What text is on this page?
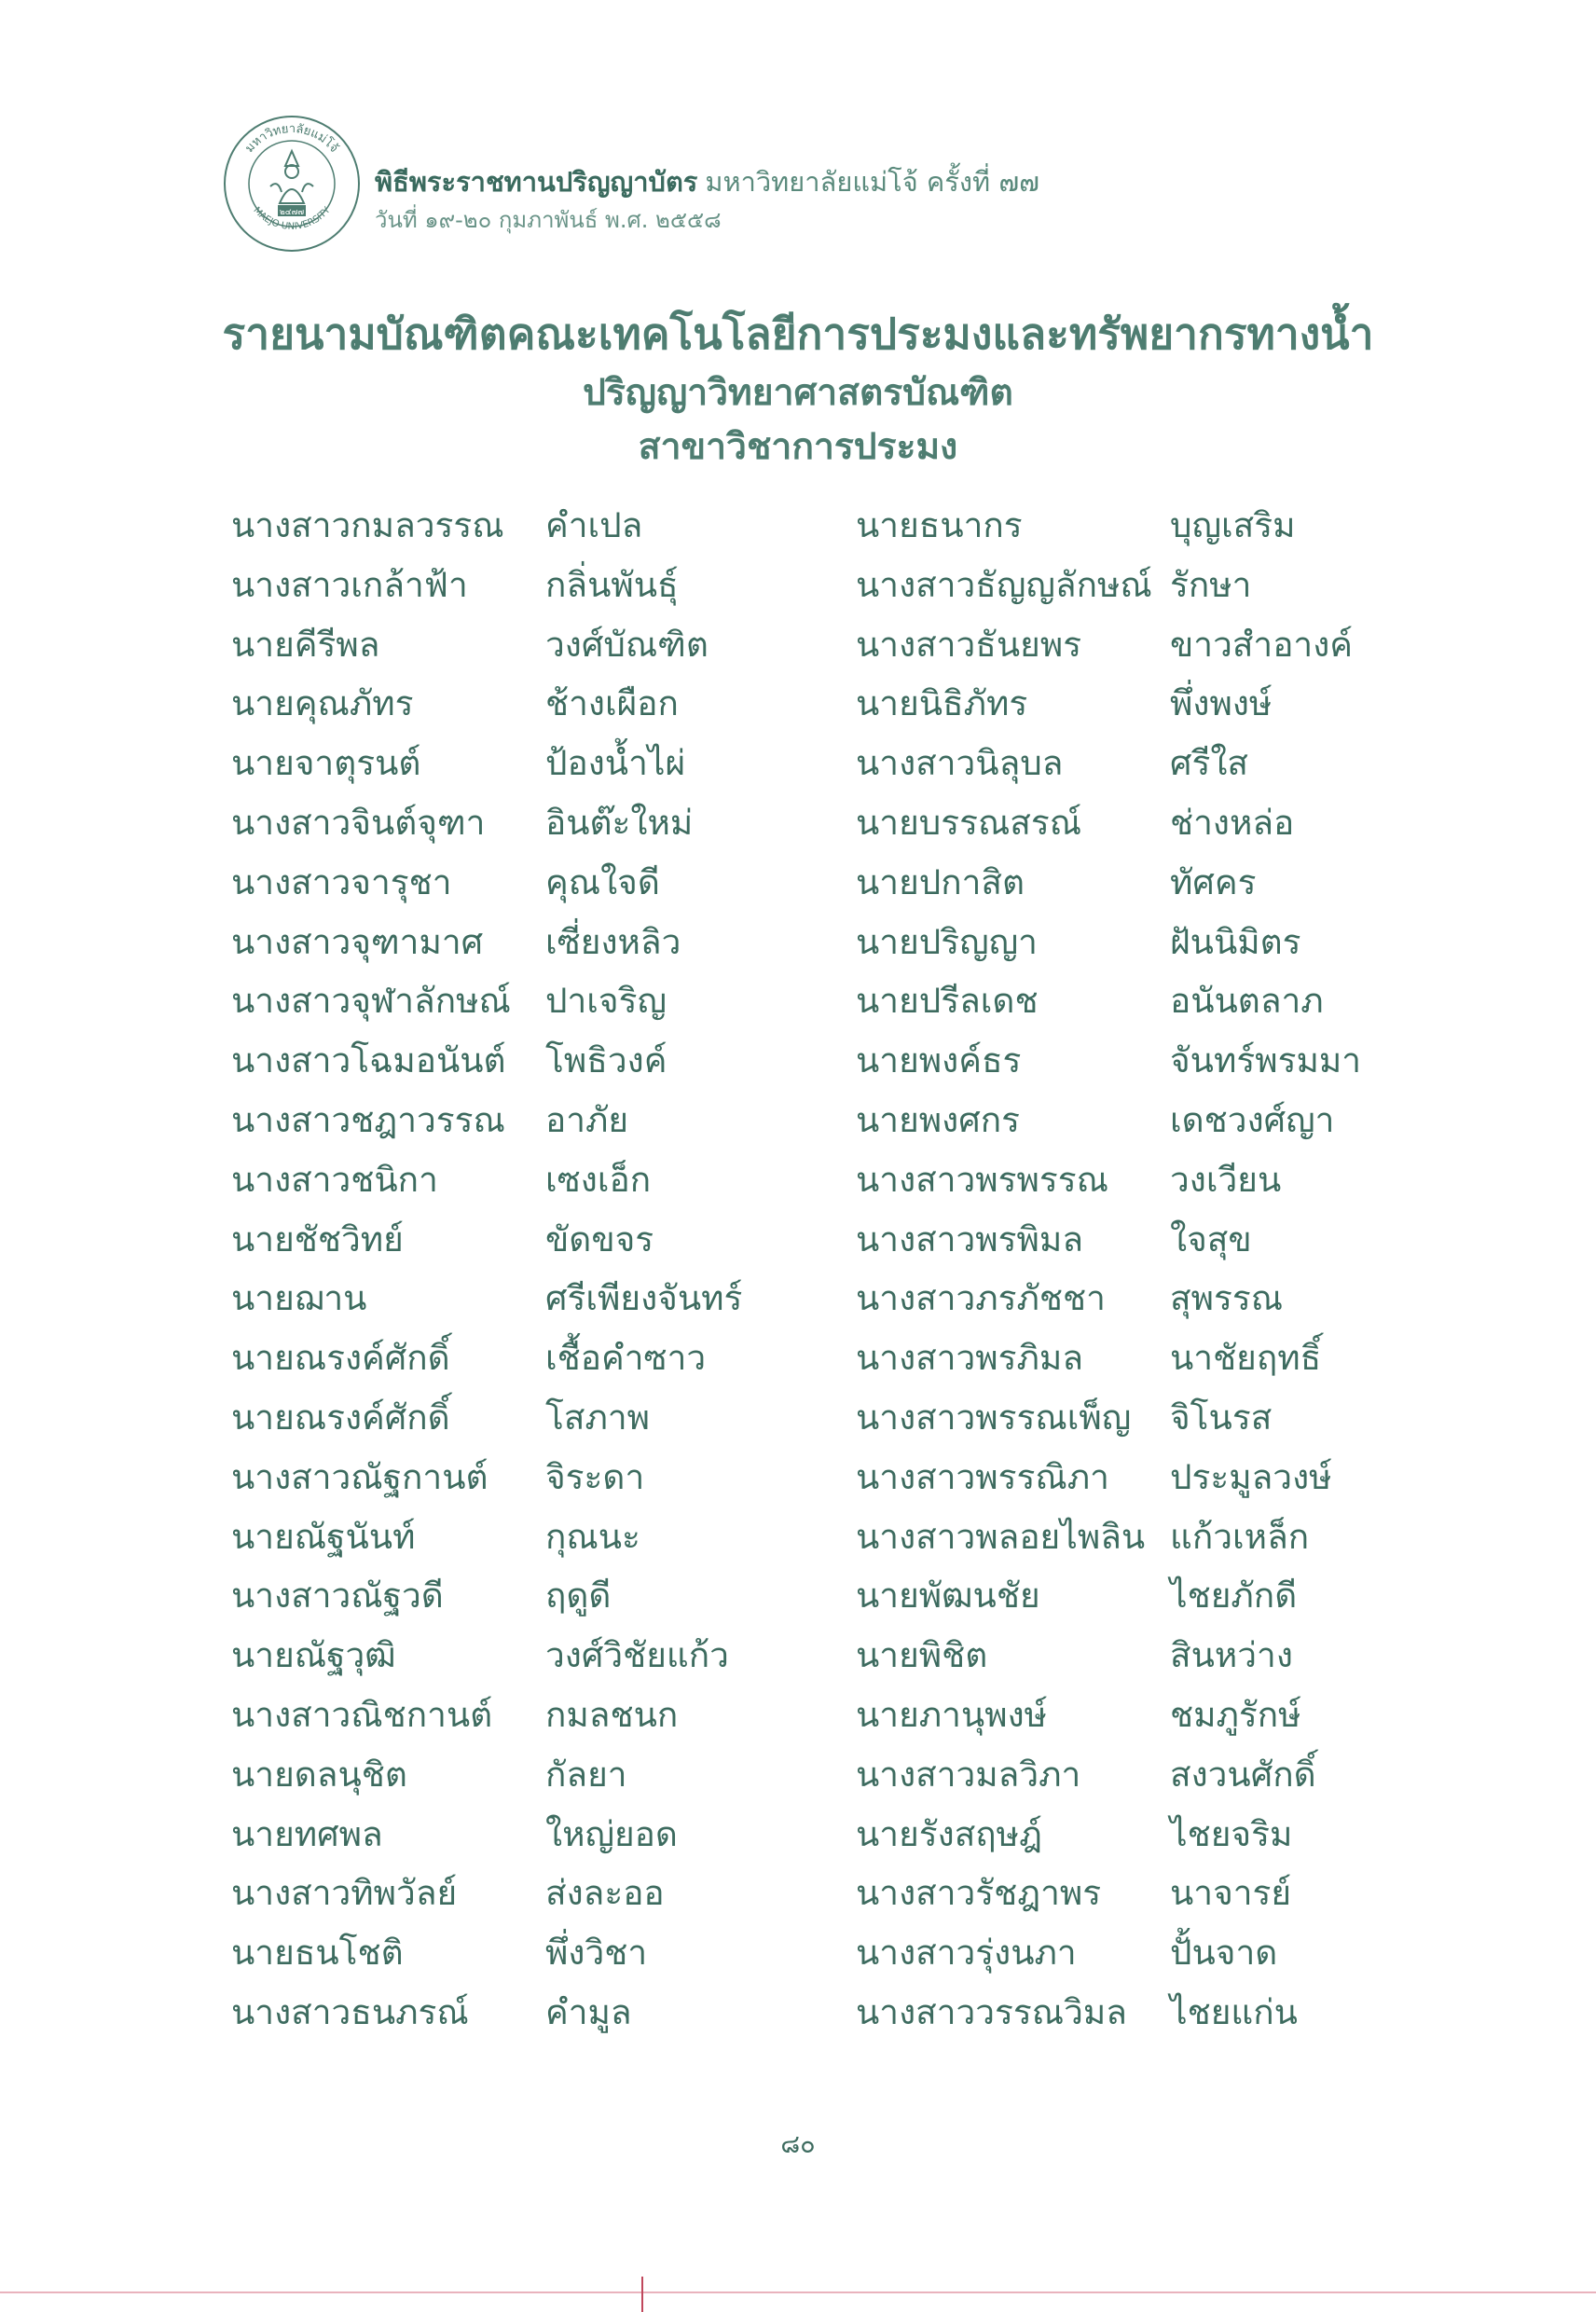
มหาวิทยาลัยแม่โจ้
MAEJO UNIVERSITY
๒๔๗๗
พิธีพระราชทานปริญญาบัตร มหาวิทยาลัยแม่โจ้ ครั้งที่ ๗๗
วันที่ ๑๙-๒๐ กุมภาพันธ์ พ.ศ. ๒๕๕๘
รายนามบัณฑิตคณะเทคโนโลยีการประมงและทรัพยากรทางน้ำ
ปริญญาวิทยาศาสตรบัณฑิต
สาขาวิชาการประมง
นางสาวกมลวรรณ คำเปล	นายธนากร	บุญเสริม
นางสาวเกล้าฟ้า กลิ่นพันธุ์	นางสาวธัญญลักษณ์ รักษา
นายคีรีพล	วงศ์บัณฑิต	นางสาวธันยพร	ขาวสำอางค์
นายคุณภัทร	ช้างเผือก	นายนิธิภัทร	พึ่งพงษ์
นายจาตุรนต์	ป้องน้ำไผ่	นางสาวนิลุบล	ศรีใส
นางสาวจินต์จุฑา อินต๊ะใหม่	นายบรรณสรณ์	ช่างหล่อ
นางสาวจารุชา	คุณใจดี	นายปกาสิต	ทัศคร
นางสาวจุฑามาศ เซี่ยงหลิว	นายปริญญา	ฝันนิมิตร
นางสาวจุฬาลักษณ์ ปาเจริญ	นายปรีลเดช	อนันตลาภ
นางสาวโฉมอนันต์ โพธิวงค์	นายพงค์ธร	จันทร์พรมมา
นางสาวชฎาวรรณ อาภัย	นายพงศกร	เดชวงศ์ญา
นางสาวชนิกา	เซงเอ็ก	นางสาวพรพรรณ วงเวียน
นายชัชวิทย์	ขัดขจร	นางสาวพรพิมล	ใจสุข
นายฌาน	ศรีเพียงจันทร์	นางสาวภรภัชชา สุพรรณ
นายณรงค์ศักดิ์	เชื้อคำซาว	นางสาวพรภิมล	นาชัยฤทธิ์
นายณรงค์ศักดิ์	โสภาพ	นางสาวพรรณเพ็ญ จิโนรส
นางสาวณัฐกานต์ จิระดา	นางสาวพรรณิภา ประมูลวงษ์
นายณัฐนันท์	กุณนะ	นางสาวพลอยไพลิน แก้วเหล็ก
นางสาวณัฐวดี	ฤดูดี	นายพัฒนชัย	ไชยภักดี
นายณัฐวุฒิ	วงศ์วิชัยแก้ว	นายพิชิต	สินหว่าง
นางสาวณิชกานต์ กมลชนก	นายภานุพงษ์	ชมภูรักษ์
นายดลนุชิต	กัลยา	นางสาวมลวิภา	สงวนศักดิ์
นายทศพล	ใหญ่ยอด	นายรังสฤษฎ์	ไชยจริม
นางสาวทิพวัลย์	ส่งละออ	นางสาวรัชฎาพร นาจารย์
นายธนโชติ	พึ่งวิชา	นางสาวรุ่งนภา	ปั้นจาด
นางสาวธนภรณ์ คำมูล	นางสาววรรณวิมล ไชยแก่น
๘๐
